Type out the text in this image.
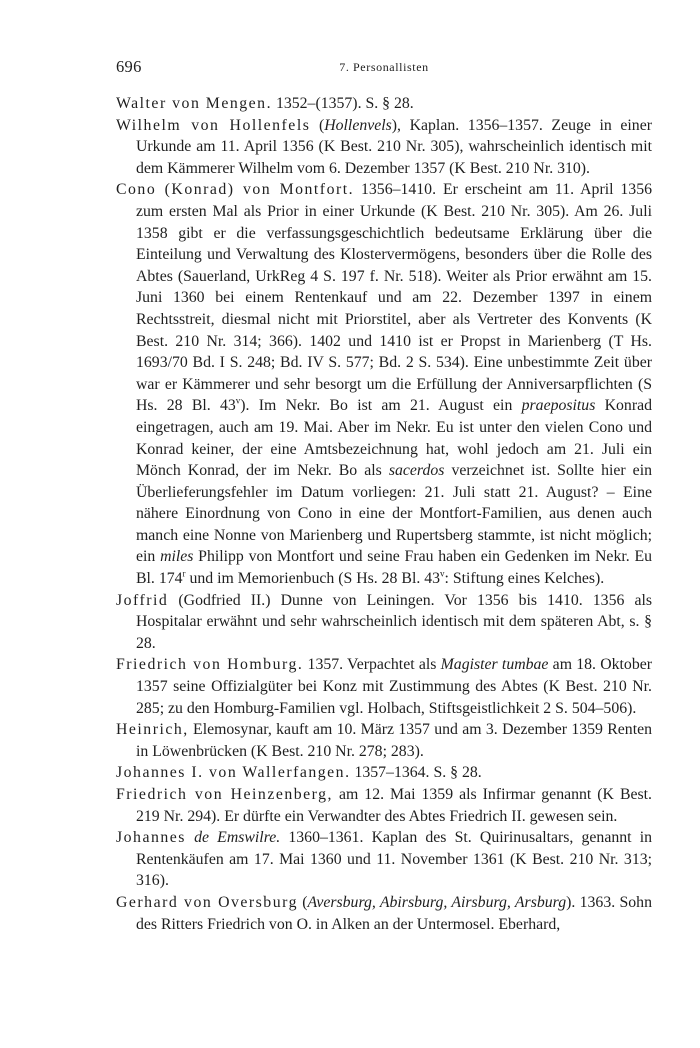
696	7. Personallisten

Walter von Mengen. 1352–(1357). S. § 28.

Wilhelm von Hollenfels (Hollenvels), Kaplan. 1356–1357. Zeuge in einer Urkunde am 11. April 1356 (K Best. 210 Nr. 305), wahrscheinlich identisch mit dem Kämmerer Wilhelm vom 6. Dezember 1357 (K Best. 210 Nr. 310).

Cono (Konrad) von Montfort. 1356–1410. Er erscheint am 11. April 1356 zum ersten Mal als Prior in einer Urkunde (K Best. 210 Nr. 305). Am 26. Juli 1358 gibt er die verfassungsgeschichtlich bedeutsame Erklärung über die Einteilung und Verwaltung des Klostervermögens, besonders über die Rolle des Abtes (Sauerland, UrkReg 4 S. 197 f. Nr. 518). Weiter als Prior erwähnt am 15. Juni 1360 bei einem Rentenkauf und am 22. Dezember 1397 in einem Rechtsstreit, diesmal nicht mit Priorstitel, aber als Vertreter des Konvents (K Best. 210 Nr. 314; 366). 1402 und 1410 ist er Propst in Marienberg (T Hs. 1693/70 Bd. I S. 248; Bd. IV S. 577; Bd. 2 S. 534). Eine unbestimmte Zeit über war er Kämmerer und sehr besorgt um die Erfüllung der Anniversarpflichten (S Hs. 28 Bl. 43$^v$). Im Nekr. Bo ist am 21. August ein praepositus Konrad eingetragen, auch am 19. Mai. Aber im Nekr. Eu ist unter den vielen Cono und Konrad keiner, der eine Amtsbezeichnung hat, wohl jedoch am 21. Juli ein Mönch Konrad, der im Nekr. Bo als sacerdos verzeichnet ist. Sollte hier ein Überlieferungsfehler im Datum vorliegen: 21. Juli statt 21. August? – Eine nähere Einordnung von Cono in eine der Montfort-Familien, aus denen auch manch eine Nonne von Marienberg und Rupertsberg stammte, ist nicht möglich; ein miles Philipp von Montfort und seine Frau haben ein Gedenken im Nekr. Eu Bl. 174$^r$ und im Memorienbuch (S Hs. 28 Bl. 43$^v$: Stiftung eines Kelches).

Joffrid (Godfried II.) Dunne von Leiningen. Vor 1356 bis 1410. 1356 als Hospitalar erwähnt und sehr wahrscheinlich identisch mit dem späteren Abt, s. § 28.

Friedrich von Homburg. 1357. Verpachtet als Magister tumbae am 18. Oktober 1357 seine Offizialgüter bei Konz mit Zustimmung des Abtes (K Best. 210 Nr. 285; zu den Homburg-Familien vgl. Holbach, Stiftsgeistlichkeit 2 S. 504–506).

Heinrich, Elemosynar, kauft am 10. März 1357 und am 3. Dezember 1359 Renten in Löwenbrücken (K Best. 210 Nr. 278; 283).

Johannes I. von Wallerfangen. 1357–1364. S. § 28.

Friedrich von Heinzenberg, am 12. Mai 1359 als Infirmar genannt (K Best. 219 Nr. 294). Er dürfte ein Verwandter des Abtes Friedrich II. gewesen sein.

Johannes de Emswilre. 1360–1361. Kaplan des St. Quirinusaltars, genannt in Rentenkäufen am 17. Mai 1360 und 11. November 1361 (K Best. 210 Nr. 313; 316).

Gerhard von Oversburg (Aversburg, Abirsburg, Airsburg, Arsburg). 1363. Sohn des Ritters Friedrich von O. in Alken an der Untermosel. Eberhard,
